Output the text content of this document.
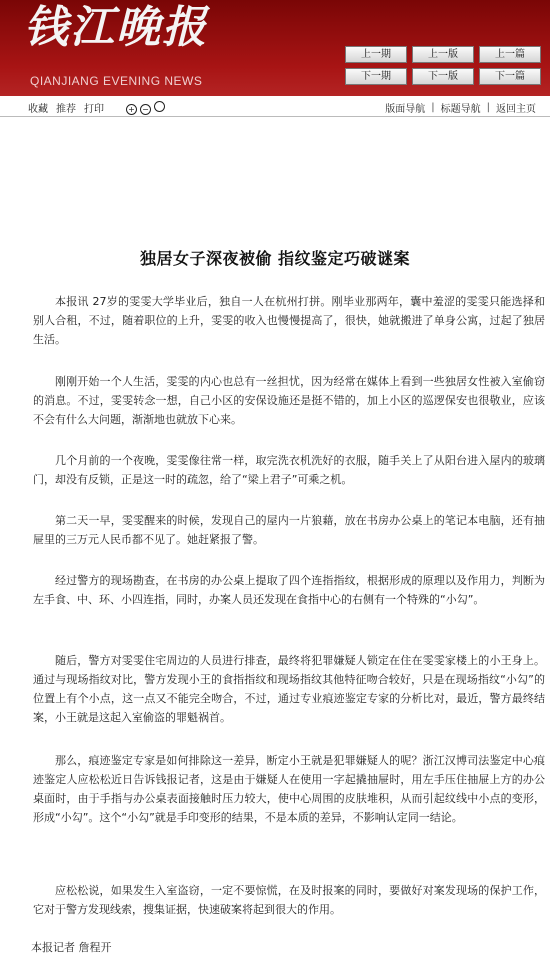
钱江晚报
QIANJIANG EVENING NEWS
上一期	上一版	上一篇
下一期	下一版	下一篇
收藏 推荐 打印	+ −	版面导航 | 标题导航 | 返回主页
独居女子深夜被偷 指纹鉴定巧破谜案

本报讯 27岁的雯雯大学毕业后，独自一人在杭州打拼。刚毕业那两年，囊中羞涩的雯雯只能选择和别人合租，不过，随着职位的上升，雯雯的收入也慢慢提高了，很快，她就搬进了单身公寓，过起了独居生活。

刚刚开始一个人生活，雯雯的内心也总有一丝担忧，因为经常在媒体上看到一些独居女性被入室偷窃的消息。不过，雯雯转念一想，自己小区的安保设施还是挺不错的，加上小区的巡逻保安也很敬业，应该不会有什么大问题，渐渐地也就放下心来。

几个月前的一个夜晚，雯雯像往常一样，取完洗衣机洗好的衣服，随手关上了从阳台进入屋内的玻璃门，却没有反锁，正是这一时的疏忽，给了“梁上君子”可乘之机。

第二天一早，雯雯醒来的时候，发现自己的屋内一片狼藉，放在书房办公桌上的笔记本电脑，还有抽屉里的三万元人民币都不见了。她赶紧报了警。

经过警方的现场勘查，在书房的办公桌上提取了四个连指指纹，根据形成的原理以及作用力，判断为左手食、中、环、小四连指，同时，办案人员还发现在食指中心的右侧有一个特殊的“小勾”。

随后，警方对雯雯住宅周边的人员进行排查，最终将犯罪嫌疑人锁定在住在雯雯家楼上的小王身上。通过与现场指纹对比，警方发现小王的食指指纹和现场指纹其他特征吻合较好，只是在现场指纹“小勾”的位置上有个小点，这一点又不能完全吻合，不过，通过专业痕迹鉴定专家的分析比对，最近，警方最终结案，小王就是这起入室偷盗的罪魁祸首。

那么，痕迹鉴定专家是如何排除这一差异，断定小王就是犯罪嫌疑人的呢？浙江汉博司法鉴定中心痕迹鉴定人应松松近日告诉钱报记者，这是由于嫌疑人在使用一字起撬抽屉时，用左手压住抽屉上方的办公桌面时，由于手指与办公桌表面接触时压力较大，使中心周围的皮肤堆积，从而引起纹线中小点的变形，形成“小勾”。这个“小勾”就是手印变形的结果，不是本质的差异，不影响认定同一结论。

应松松说，如果发生入室盗窃，一定不要惊慌，在及时报案的同时，要做好对案发现场的保护工作，它对于警方发现线索，搜集证据，快速破案将起到很大的作用。

本报记者 詹程开
